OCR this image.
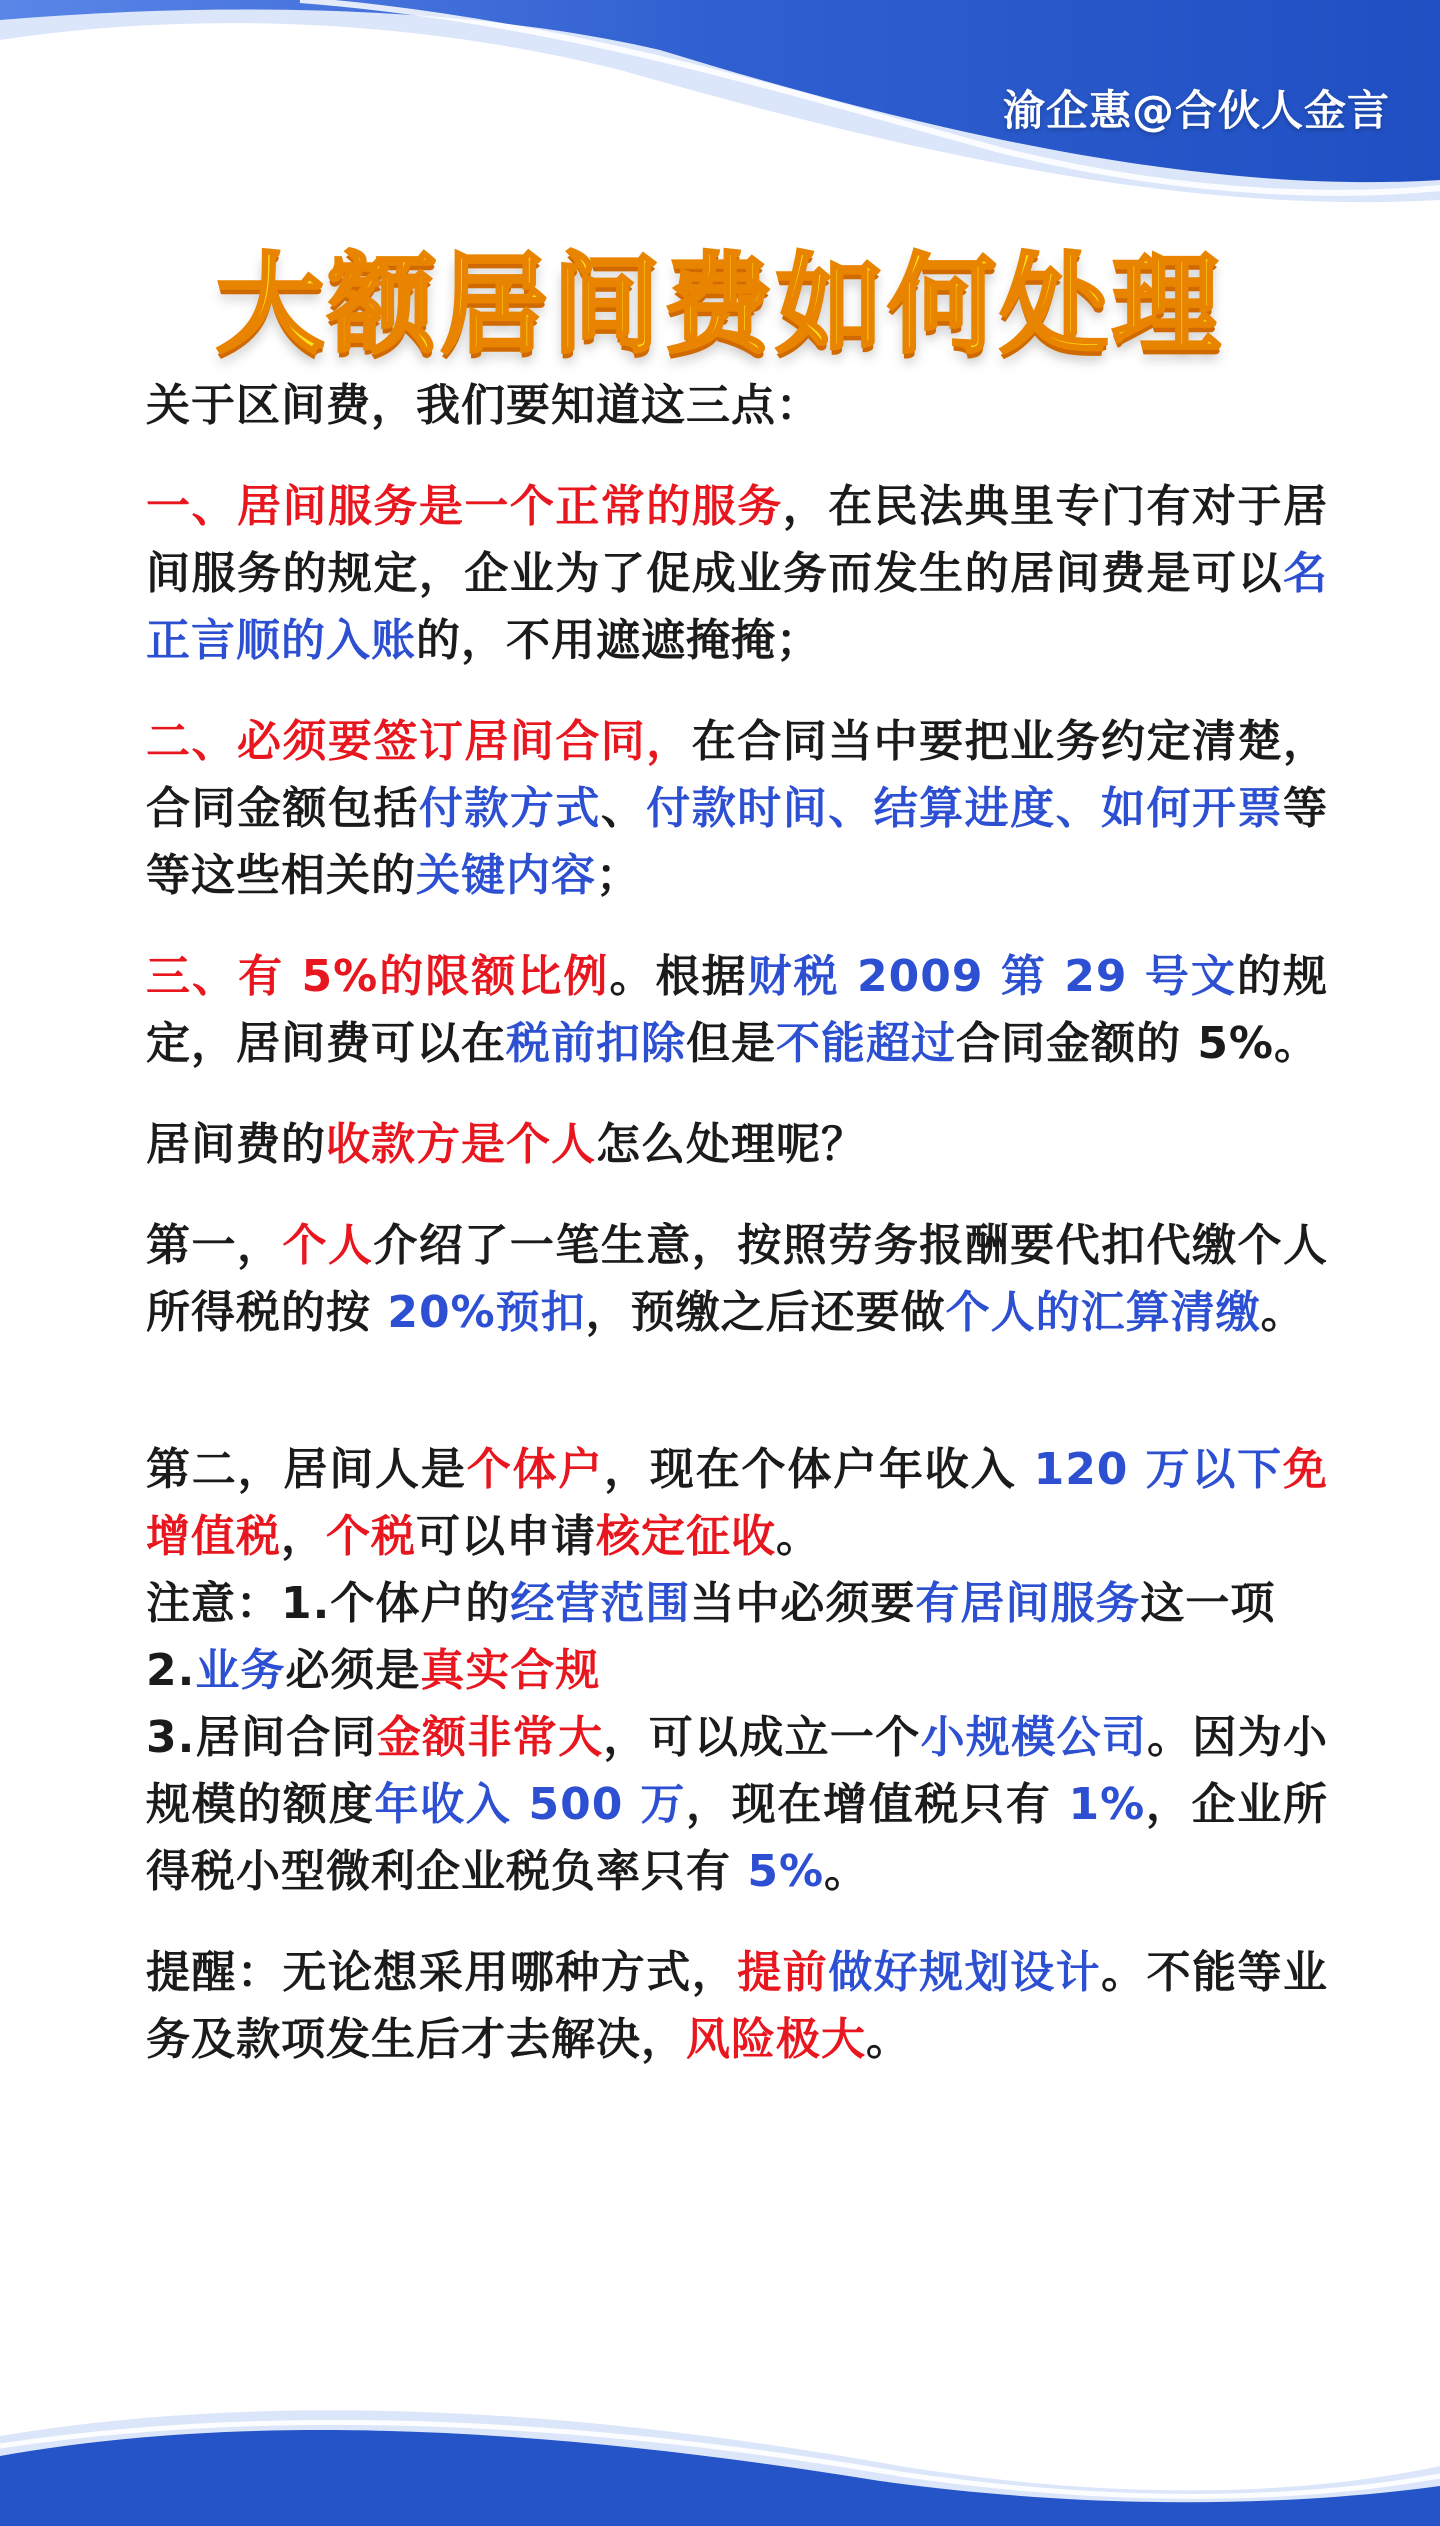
渝企惠@合伙人金言
大额居间费如何处理

关于区间费，我们要知道这三点：

一、居间服务是一个正常的服务，在民法典里专门有对于居间服务的规定，企业为了促成业务而发生的居间费是可以名正言顺的入账的，不用遮遮掩掩；

二、必须要签订居间合同，在合同当中要把业务约定清楚，合同金额包括付款方式、付款时间、结算进度、如何开票等等这些相关的关键内容；

三、有 5%的限额比例。根据财税 2009 第 29 号文的规定，居间费可以在税前扣除但是不能超过合同金额的 5%。

居间费的收款方是个人怎么处理呢？

第一，个人介绍了一笔生意，按照劳务报酬要代扣代缴个人所得税的按 20%预扣，预缴之后还要做个人的汇算清缴。

第二，居间人是个体户，现在个体户年收入 120 万以下免增值税，个税可以申请核定征收。

注意：1.个体户的经营范围当中必须要有居间服务这一项

2.业务必须是真实合规

3.居间合同金额非常大，可以成立一个小规模公司。因为小规模的额度年收入 500 万，现在增值税只有 1%，企业所得税小型微利企业税负率只有 5%。

提醒：无论想采用哪种方式，提前做好规划设计。不能等业务及款项发生后才去解决，风险极大。
